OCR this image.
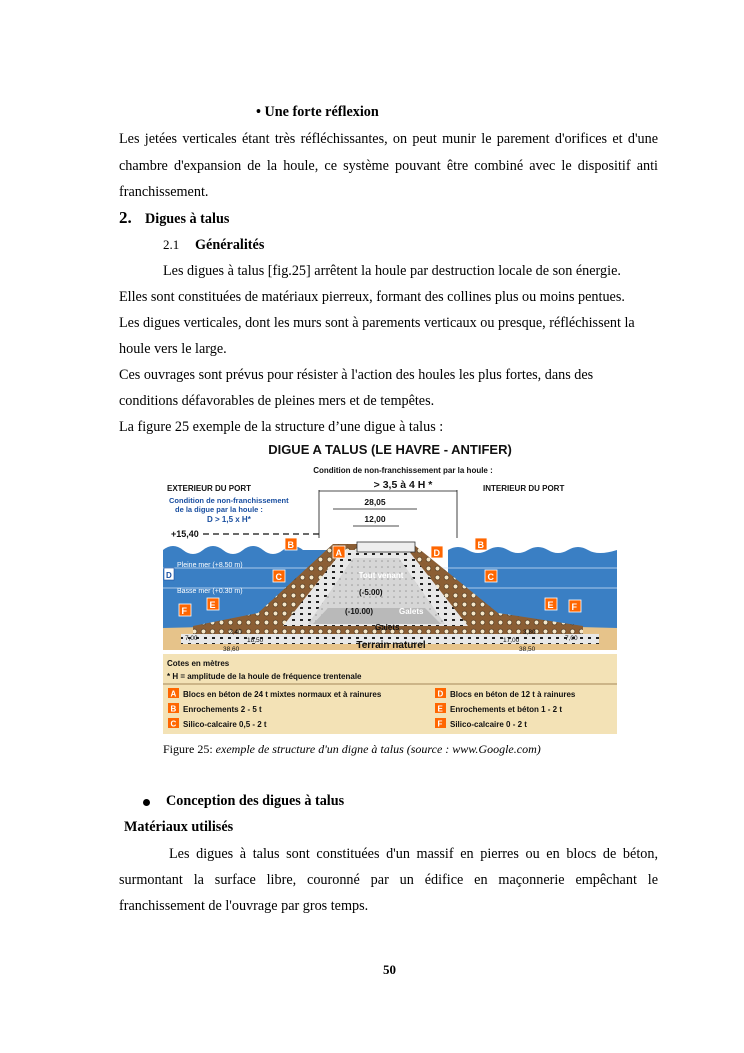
• Une forte réflexion
Les jetées verticales étant très réfléchissantes, on peut munir le parement d'orifices et d'une
chambre d'expansion de la houle, ce système pouvant être combiné avec le dispositif anti
franchissement.
2. Digues à talus
2.1 Généralités
Les digues à talus [fig.25] arrêtent la houle par destruction locale de son énergie.
Elles sont constituées de matériaux pierreux, formant des collines plus ou moins pentues.
Les digues verticales, dont les murs sont à parements verticaux ou presque, réfléchissent la
houle vers le large.
Ces ouvrages sont prévus pour résister à l'action des houles les plus fortes, dans des
conditions défavorables de pleines mers et de tempêtes.
La figure 25 exemple de la structure d’une digue à talus :
DIGUE A TALUS (LE HAVRE - ANTIFER)
Condition de non-franchissement par la houle :
> 3,5 à 4 H *
EXTERIEUR DU PORT	INTERIEUR DU PORT
Condition de non-franchissement
de la digue par la houle :
D > 1,5 x H*
28,05
12,00
+15,40
Pleine mer (+8.50 m)
Basse mer (+0.30 m)
D	Tout venant
(-5.00)
(-10.00)	Galets
Galets
Terrain naturel
B
A	D
B
C	C
E	E
F	F
7,00
2,40
18,50
38,60
3,80
17,00	7,00
38,50
Cotes en mètres
* H = amplitude de la houle de fréquence trentenale
A Blocs en béton de 24 t mixtes normaux et à rainures
B Enrochements 2 - 5 t
C Silico-calcaire 0,5 - 2 t
D Blocs en béton de 12 t à rainures
E Enrochements et béton 1 - 2 t
F Silico-calcaire 0 - 2 t
Figure 25: exemple de structure d'un digne à talus (source : www.Google.com)
Conception des digues à talus
Matériaux utilisés
Les digues à talus sont constituées d'un massif en pierres ou en blocs de béton,
surmontant la surface libre, couronné par un édifice en maçonnerie empêchant le
franchissement de l'ouvrage par gros temps.
50
